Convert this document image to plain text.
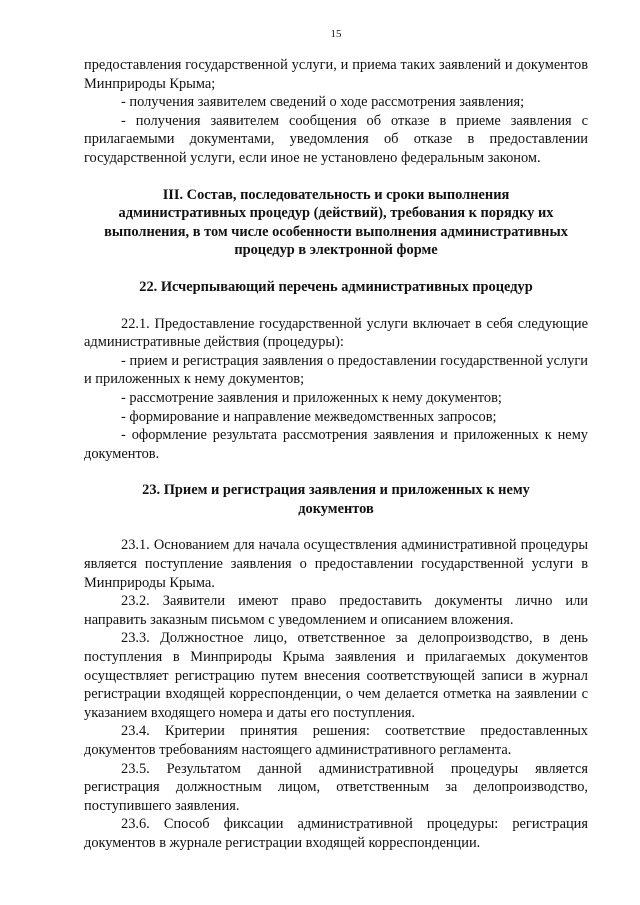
15

предоставления государственной услуги, и приема таких заявлений и документов Минприроды Крыма;

- получения заявителем сведений о ходе рассмотрения заявления;

- получения заявителем сообщения об отказе в приеме заявления с прилагаемыми документами, уведомления об отказе в предоставлении государственной услуги, если иное не установлено федеральным законом.

III. Состав, последовательность и сроки выполнения административных процедур (действий), требования к порядку их выполнения, в том числе особенности выполнения административных процедур в электронной форме
22. Исчерпывающий перечень административных процедур

22.1. Предоставление государственной услуги включает в себя следующие административные действия (процедуры):

- прием и регистрация заявления о предоставлении государственной услуги и приложенных к нему документов;

- рассмотрение заявления и приложенных к нему документов;

- формирование и направление межведомственных запросов;

- оформление результата рассмотрения заявления и приложенных к нему документов.

23. Прием и регистрация заявления и приложенных к нему документов

23.1. Основанием для начала осуществления административной процедуры является поступление заявления о предоставлении государственной услуги в Минприроды Крыма.

23.2. Заявители имеют право предоставить документы лично или направить заказным письмом с уведомлением и описанием вложения.

23.3. Должностное лицо, ответственное за делопроизводство, в день поступления в Минприроды Крыма заявления и прилагаемых документов осуществляет регистрацию путем внесения соответствующей записи в журнал регистрации входящей корреспонденции, о чем делается отметка на заявлении с указанием входящего номера и даты его поступления.

23.4. Критерии принятия решения: соответствие предоставленных документов требованиям настоящего административного регламента.

23.5. Результатом данной административной процедуры является регистрация должностным лицом, ответственным за делопроизводство, поступившего заявления.

23.6. Способ фиксации административной процедуры: регистрация документов в журнале регистрации входящей корреспонденции.
